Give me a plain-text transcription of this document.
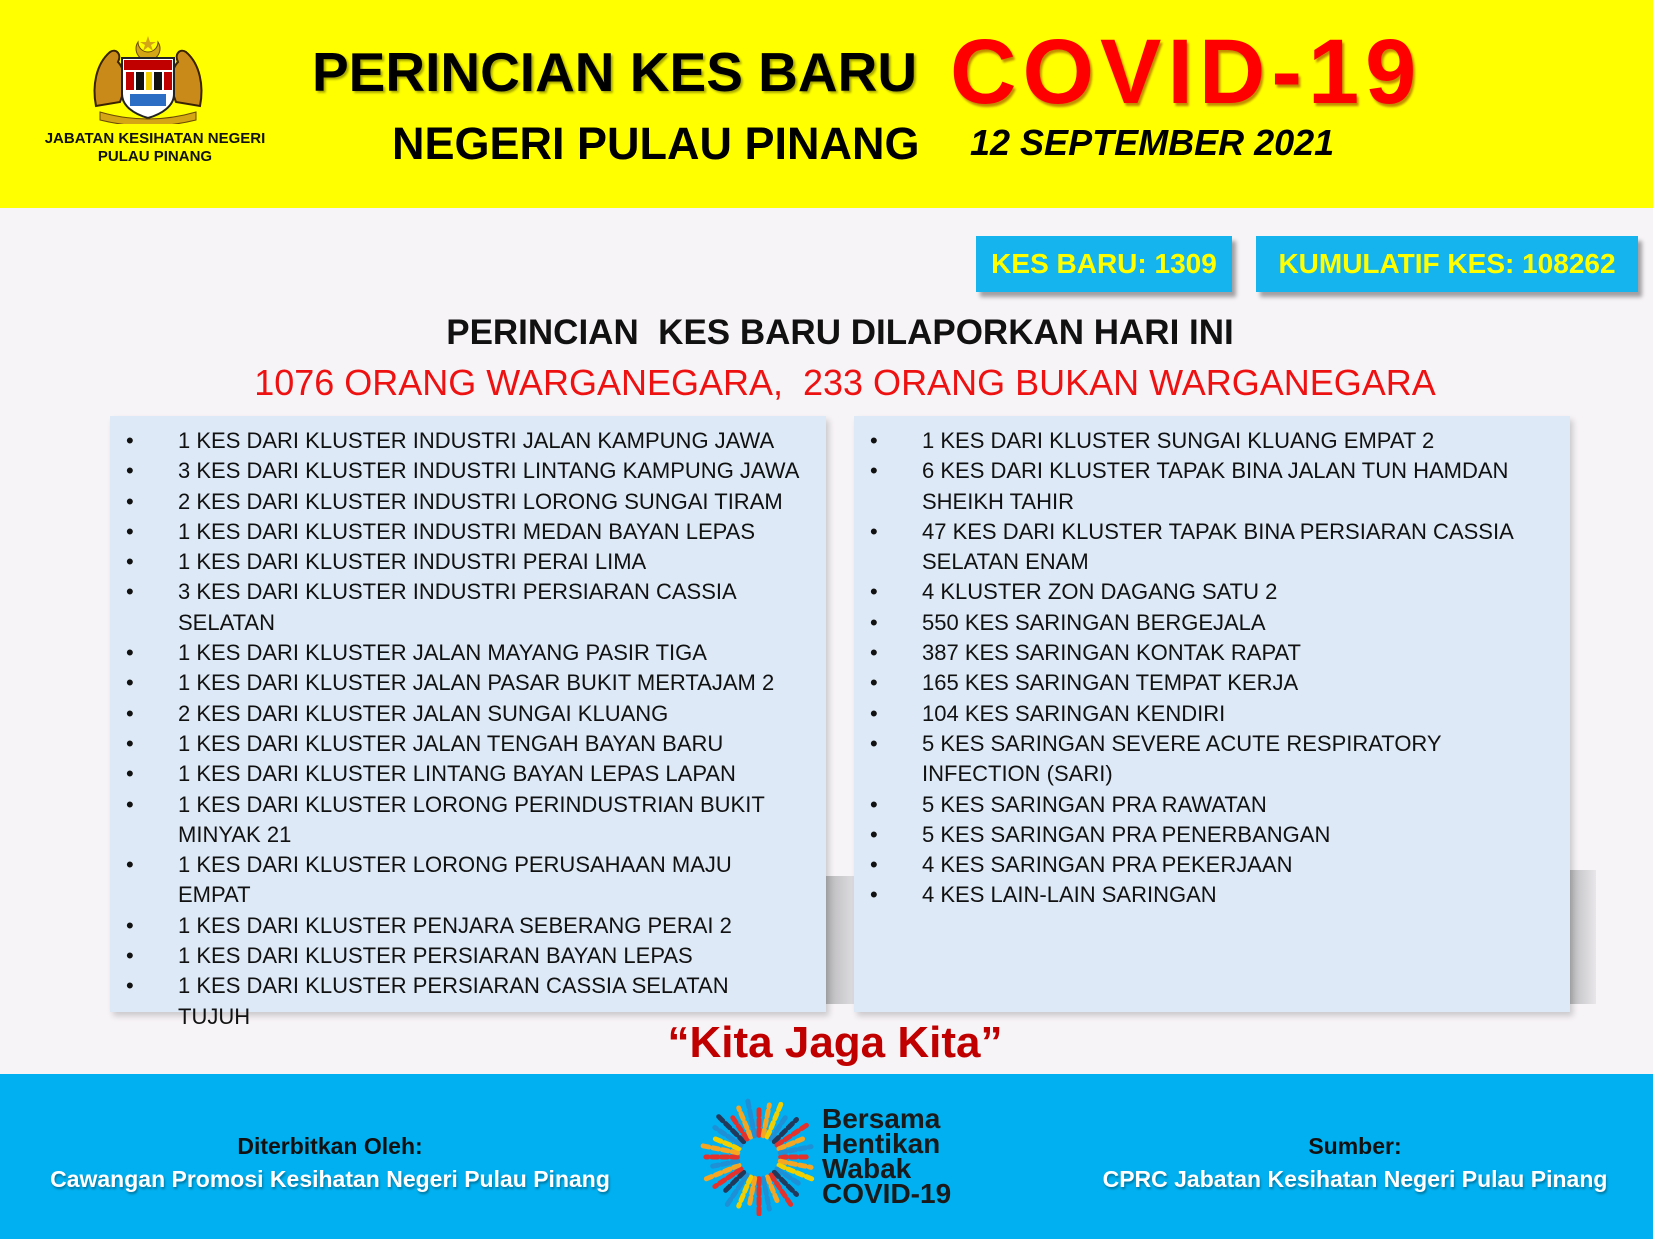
JABATAN KESIHATAN NEGERI
PULAU PINANG
PERINCIAN KES BARU COVID-19
NEGERI PULAU PINANG 12 SEPTEMBER 2021
KES BARU: 1309	KUMULATIF KES: 108262
PERINCIAN  KES BARU DILAPORKAN HARI INI
1076 ORANG WARGANEGARA,  233 ORANG BUKAN WARGANEGARA
• 1 KES DARI KLUSTER INDUSTRI JALAN KAMPUNG JAWA
• 3 KES DARI KLUSTER INDUSTRI LINTANG KAMPUNG JAWA
• 2 KES DARI KLUSTER INDUSTRI LORONG SUNGAI TIRAM
• 1 KES DARI KLUSTER INDUSTRI MEDAN BAYAN LEPAS
• 1 KES DARI KLUSTER INDUSTRI PERAI LIMA
• 3 KES DARI KLUSTER INDUSTRI PERSIARAN CASSIA SELATAN
• 1 KES DARI KLUSTER JALAN MAYANG PASIR TIGA
• 1 KES DARI KLUSTER JALAN PASAR BUKIT MERTAJAM 2
• 2 KES DARI KLUSTER JALAN SUNGAI KLUANG
• 1 KES DARI KLUSTER JALAN TENGAH BAYAN BARU
• 1 KES DARI KLUSTER LINTANG BAYAN LEPAS LAPAN
• 1 KES DARI KLUSTER LORONG PERINDUSTRIAN BUKIT MINYAK 21
• 1 KES DARI KLUSTER LORONG PERUSAHAAN MAJU EMPAT
• 1 KES DARI KLUSTER PENJARA SEBERANG PERAI 2
• 1 KES DARI KLUSTER PERSIARAN BAYAN LEPAS
• 1 KES DARI KLUSTER PERSIARAN CASSIA SELATAN TUJUH
• 1 KES DARI KLUSTER SUNGAI KLUANG EMPAT 2
• 6 KES DARI KLUSTER TAPAK BINA JALAN TUN HAMDAN SHEIKH TAHIR
• 47 KES DARI KLUSTER TAPAK BINA PERSIARAN CASSIA SELATAN ENAM
• 4 KLUSTER ZON DAGANG SATU 2
• 550 KES SARINGAN BERGEJALA
• 387 KES SARINGAN KONTAK RAPAT
• 165 KES SARINGAN TEMPAT KERJA
• 104 KES SARINGAN KENDIRI
• 5 KES SARINGAN SEVERE ACUTE RESPIRATORY INFECTION (SARI)
• 5 KES SARINGAN PRA RAWATAN
• 5 KES SARINGAN PRA PENERBANGAN
• 4 KES SARINGAN PRA PEKERJAAN
• 4 KES LAIN-LAIN SARINGAN
“Kita Jaga Kita”
Diterbitkan Oleh:
Cawangan Promosi Kesihatan Negeri Pulau Pinang
Bersama
Hentikan
Wabak
COVID-19
Sumber:
CPRC Jabatan Kesihatan Negeri Pulau Pinang
